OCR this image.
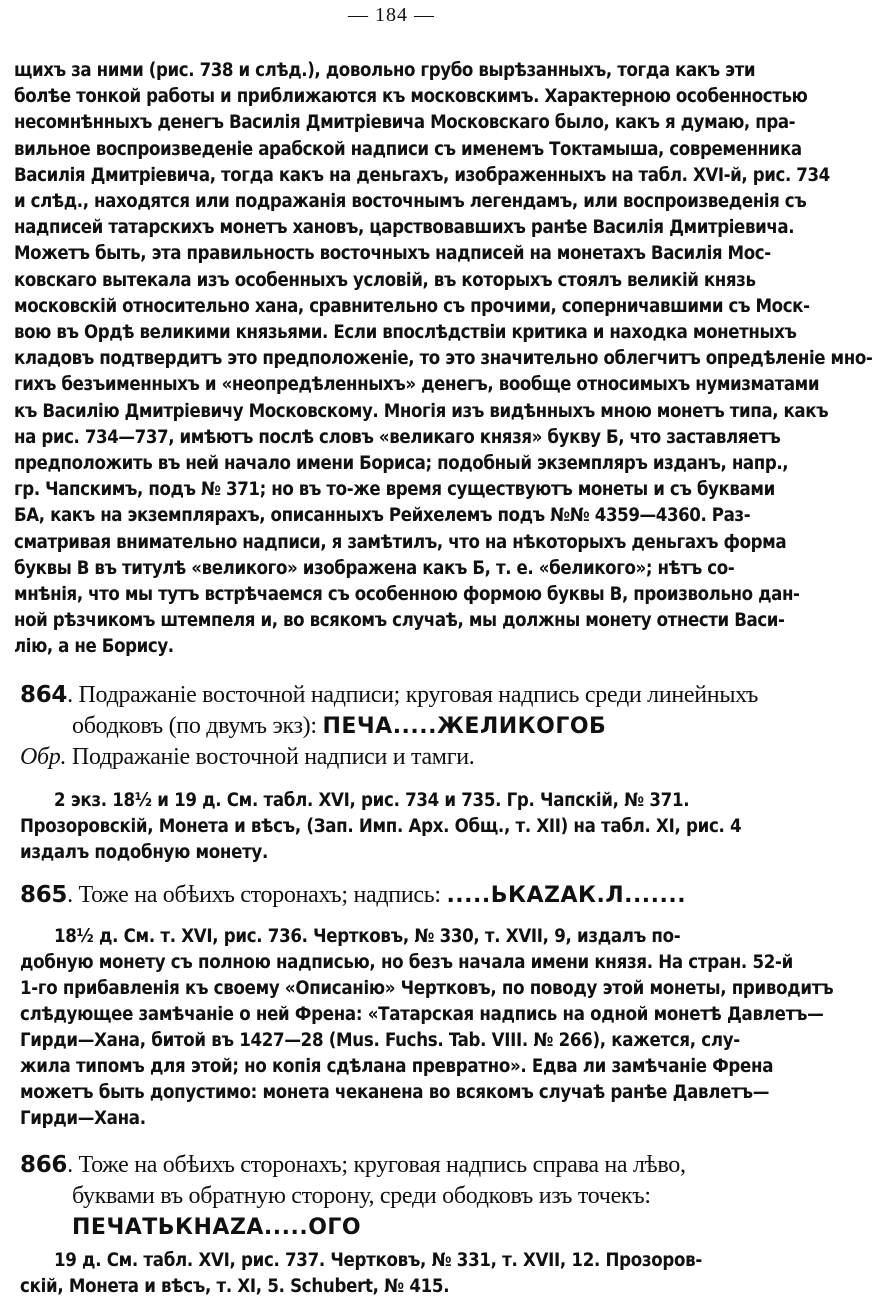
— 184 —
щихъ за ними (рис. 738 и слѣд.), довольно грубо вырѣзанныхъ, тогда какъ эти
болѣе тонкой работы и приближаются къ московскимъ. Характерною особенностью
несомнѣнныхъ денегъ Василія Дмитріевича Московскаго было, какъ я думаю, пра-
вильное воспроизведеніе арабской надписи съ именемъ Токтамыша, современника
Василія Дмитріевича, тогда какъ на деньгахъ, изображенныхъ на табл. XVI-й, рис. 734
и слѣд., находятся или подражанія восточнымъ легендамъ, или воспроизведенія съ
надписей татарскихъ монетъ хановъ, царствовавшихъ ранѣе Василія Дмитріевича.
Можетъ быть, эта правильность восточныхъ надписей на монетахъ Василія Мос-
ковскаго вытекала изъ особенныхъ условій, въ которыхъ стоялъ великій князь
московскій относительно хана, сравнительно съ прочими, соперничавшими съ Моск-
вою въ Ордѣ великими князьями. Если впослѣдствіи критика и находка монетныхъ
кладовъ подтвердитъ это предположеніе, то это значительно облегчитъ опредѣленіе мно-
гихъ безъименныхъ и «неопредѣленныхъ» денегъ, вообще относимыхъ нумизматами
къ Василію Дмитріевичу Московскому. Многія изъ видѣнныхъ мною монетъ типа, какъ
на рис. 734—737, имѣютъ послѣ словъ «великаго князя» букву Б, что заставляетъ
предположить въ ней начало имени Бориса; подобный экземпляръ изданъ, напр.,
гр. Чапскимъ, подъ № 371; но въ то-же время существуютъ монеты и съ буквами
БА, какъ на экземплярахъ, описанныхъ Рейхелемъ подъ №№ 4359—4360. Раз-
сматривая внимательно надписи, я замѣтилъ, что на нѣкоторыхъ деньгахъ форма
буквы В въ титулѣ «великого» изображена какъ Б, т. е. «беликого»; нѣтъ со-
мнѣнія, что мы тутъ встрѣчаемся съ особенною формою буквы В, произвольно дан-
ной рѣзчикомъ штемпеля и, во всякомъ случаѣ, мы должны монету отнести Васи-
лію, а не Борису.
864. Подражаніе восточной надписи; круговая надпись среди линейныхъ
ободковъ (по двумъ экз): ПЕЧА.....ЖЕЛИКОГОБ
Обр. Подражаніе восточной надписи и тамги.
2 экз. 18½ и 19 д. См. табл. XVI, рис. 734 и 735. Гр. Чапскій, № 371.
Прозоровскій, Монета и вѣсъ, (Зап. Имп. Арх. Общ., т. XII) на табл. XI, рис. 4
издалъ подобную монету.
865. Тоже на обѣихъ сторонахъ; надпись: .....ЬКАZАК.Л.......
18½ д. См. т. XVI, рис. 736. Чертковъ, № 330, т. XVII, 9, издалъ по-
добную монету съ полною надписью, но безъ начала имени князя. На стран. 52-й
1-го прибавленія къ своему «Описанію» Чертковъ, по поводу этой монеты, приводитъ
слѣдующее замѣчаніе о ней Френа: «Татарская надпись на одной монетѣ Давлетъ—
Гирди—Хана, битой въ 1427—28 (Mus. Fuchs. Tab. VIII. № 266), кажется, слу-
жила типомъ для этой; но копія сдѣлана превратно». Едва ли замѣчаніе Френа
можетъ быть допустимо: монета чеканена во всякомъ случаѣ ранѣе Давлетъ—
Гирди—Хана.
866. Тоже на обѣихъ сторонахъ; круговая надпись справа на лѣво,
буквами въ обратную сторону, среди ободковъ изъ точекъ:
ПЕЧАТЬКНАZА.....ОГО
19 д. См. табл. XVI, рис. 737. Чертковъ, № 331, т. XVII, 12. Прозоров-
скій, Монета и вѣсъ, т. XI, 5. Schubert, № 415.
